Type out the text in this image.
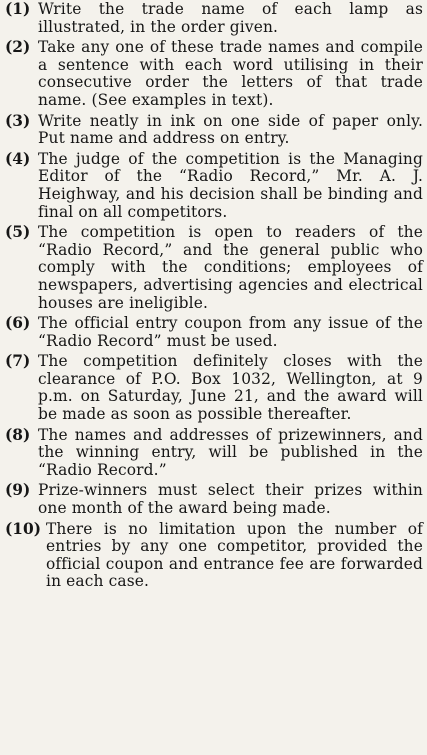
(1) Write the trade name of each lamp as illustrated, in the order given.
(2) Take any one of these trade names and compile a sentence with each word utilising in their consecutive order the letters of that trade name. (See examples in text).
(3) Write neatly in ink on one side of paper only. Put name and address on entry.
(4) The judge of the competition is the Managing Editor of the “Radio Record,” Mr. A. J. Heighway, and his decision shall be binding and final on all competitors.
(5) The competition is open to readers of the “Radio Record,” and the general public who comply with the conditions; employees of newspapers, advertising agencies and electrical houses are ineligible.
(6) The official entry coupon from any issue of the “Radio Record” must be used.
(7) The competition definitely closes with the clearance of P.O. Box 1032, Wellington, at 9 p.m. on Saturday, June 21, and the award will be made as soon as possible thereafter.
(8) The names and addresses of prizewinners, and the winning entry, will be published in the “Radio Record.”
(9) Prize-winners must select their prizes within one month of the award being made.
(10) There is no limitation upon the number of entries by any one competitor, provided the official coupon and entrance fee are forwarded in each case.
